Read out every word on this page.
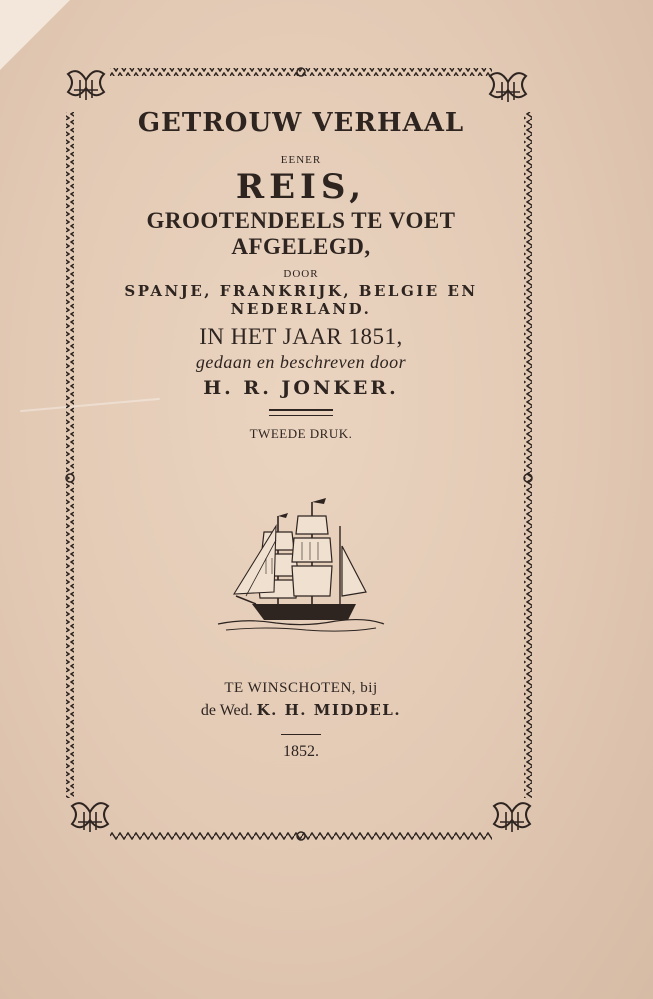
GETROUW VERHAAL
EENER
REIS,
GROOTENDEELS TE VOET AFGELEGD,
DOOR
SPANJE, FRANKRIJK, BELGIE EN NEDERLAND.
IN HET JAAR 1851,
gedaan en beschreven door
H. R. JONKER.
TWEEDE DRUK.
TE WINSCHOTEN, bij
de Wed. K. H. MIDDEL.
1852.
